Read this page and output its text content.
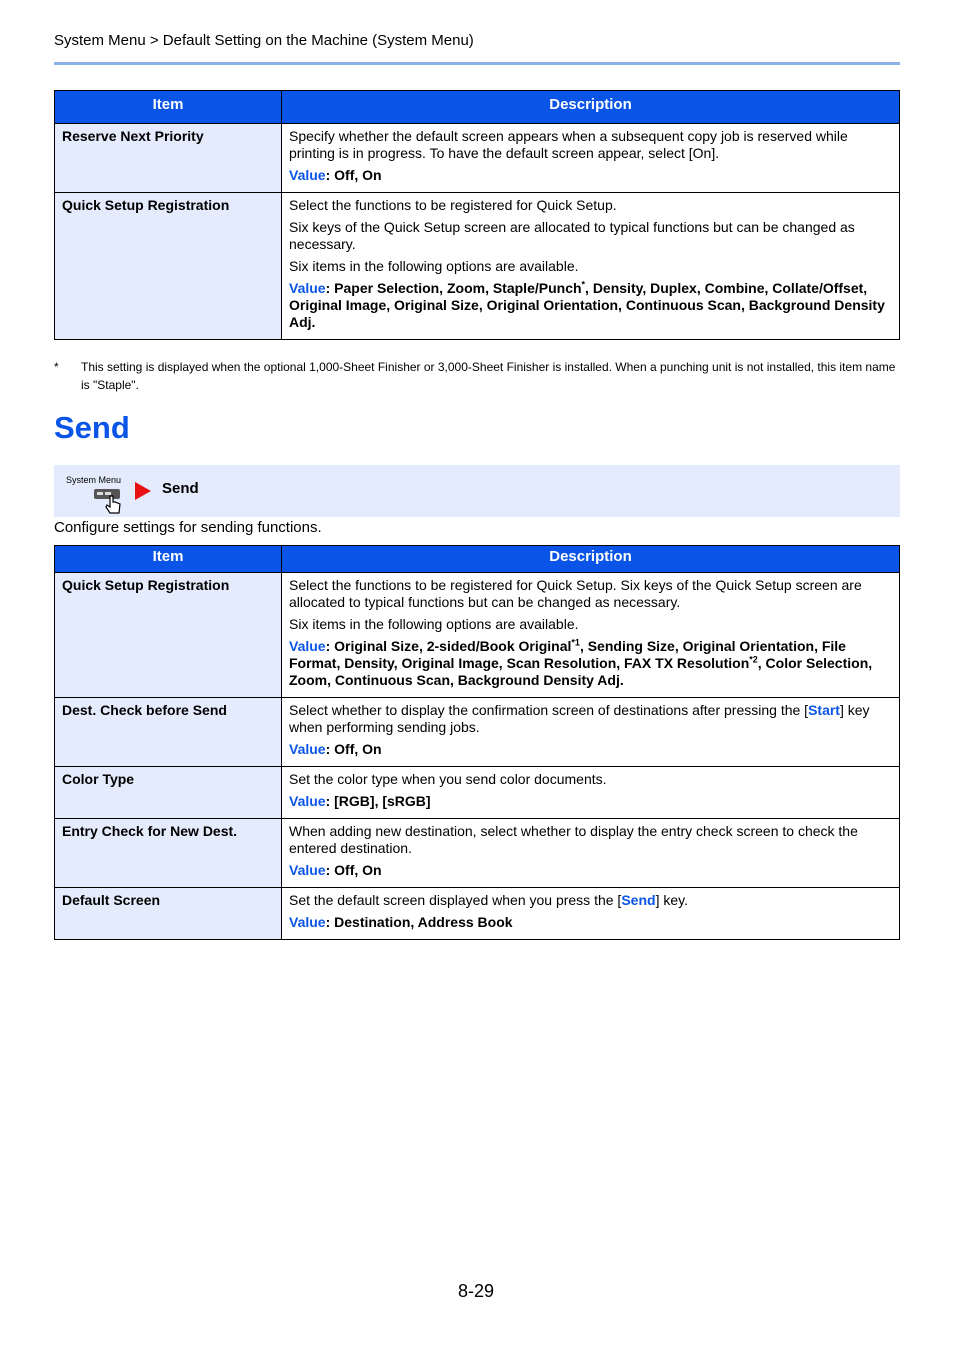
System Menu > Default Setting on the Machine (System Menu)
Item	Description
Reserve Next Priority	Specify whether the default screen appears when a subsequent copy job is reserved while printing is in progress. To have the default screen appear, select [On].

Value: Off, On

Quick Setup Registration	Select the functions to be registered for Quick Setup.

Six keys of the Quick Setup screen are allocated to typical functions but can be changed as necessary.

Six items in the following options are available.

Value: Paper Selection, Zoom, Staple/Punch*, Density, Duplex, Combine, Collate/Offset, Original Image, Original Size, Original Orientation, Continuous Scan, Background Density Adj.

* This setting is displayed when the optional 1,000-Sheet Finisher or 3,000-Sheet Finisher is installed. When a punching unit is not installed, this item name is "Staple".
Send
System Menu	Send
Configure settings for sending functions.
Item	Description
Quick Setup Registration	Select the functions to be registered for Quick Setup. Six keys of the Quick Setup screen are allocated to typical functions but can be changed as necessary.

Six items in the following options are available.

Value: Original Size, 2-sided/Book Original$^{*1}$, Sending Size, Original Orientation, File Format, Density, Original Image, Scan Resolution, FAX TX Resolution$^{*2}$, Color Selection, Zoom, Continuous Scan, Background Density Adj.

Dest. Check before Send	Select whether to display the confirmation screen of destinations after pressing the [Start] key when performing sending jobs.

Value: Off, On

Color Type	Set the color type when you send color documents.

Value: [RGB], [sRGB]

Entry Check for New Dest.	When adding new destination, select whether to display the entry check screen to check the entered destination.

Value: Off, On

Default Screen	Set the default screen displayed when you press the [Send] key.

Value: Destination, Address Book

8-29
